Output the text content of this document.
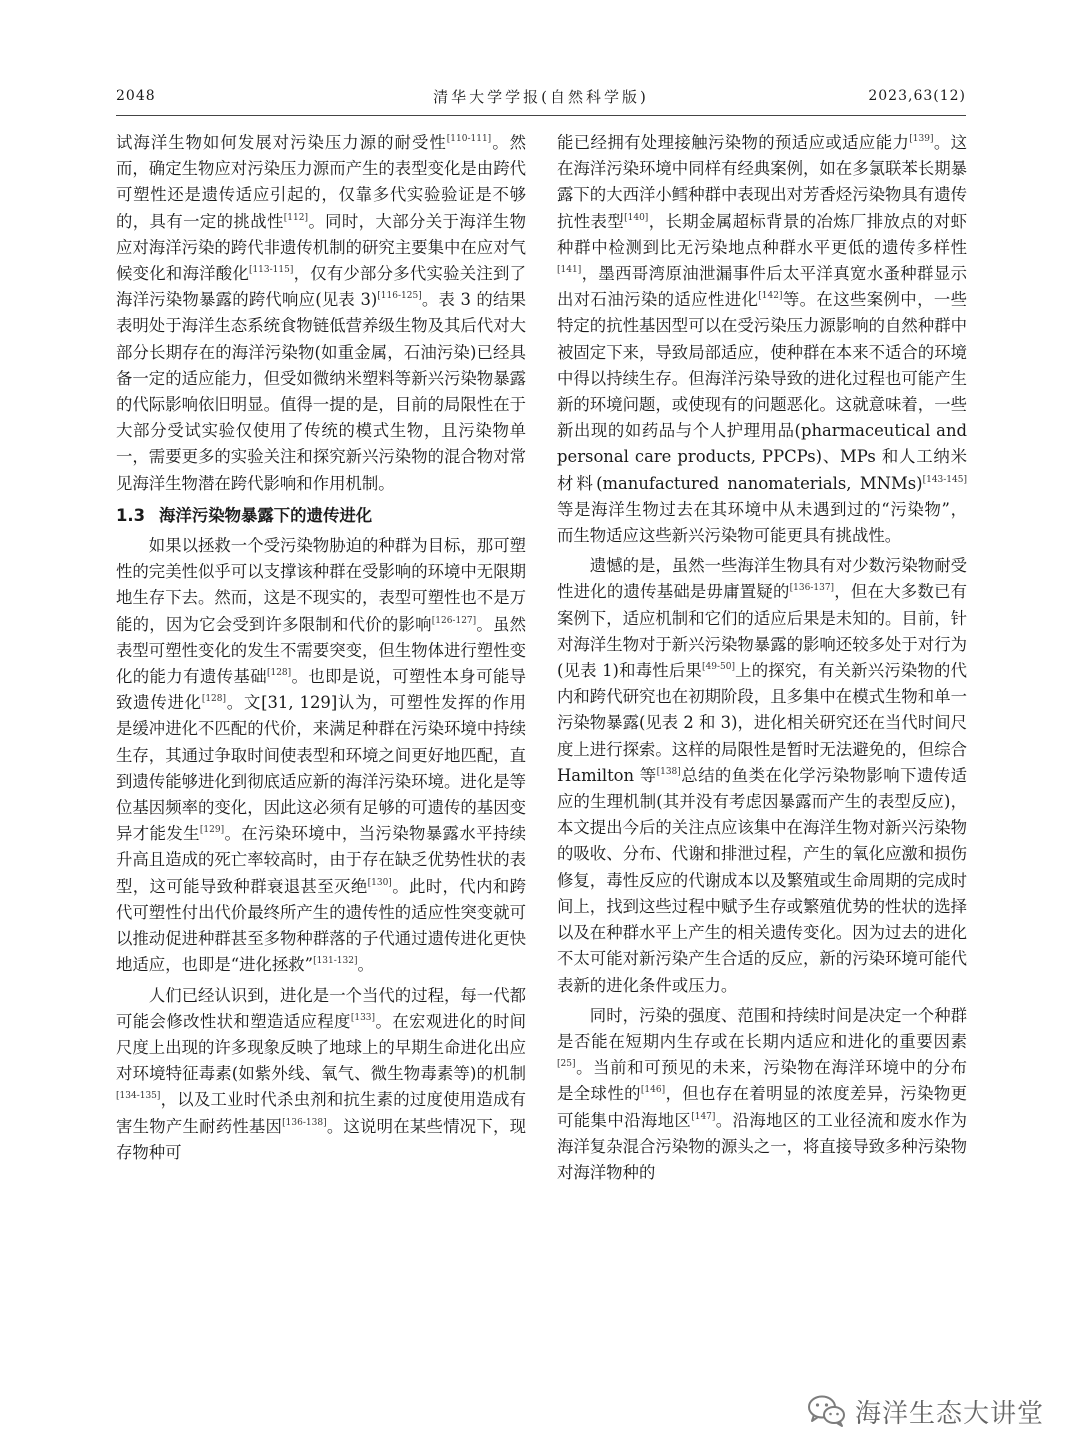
2048	清华大学学报(自然科学版)	2023,63(12)

试海洋生物如何发展对污染压力源的耐受性[110-111]。然而，确定生物应对污染压力源而产生的表型变化是由跨代可塑性还是遗传适应引起的，仅靠多代实验验证是不够的，具有一定的挑战性[112]。同时，大部分关于海洋生物应对海洋污染的跨代非遗传机制的研究主要集中在应对气候变化和海洋酸化[113-115]，仅有少部分多代实验关注到了海洋污染物暴露的跨代响应(见表 3)[116-125]。表 3 的结果表明处于海洋生态系统食物链低营养级生物及其后代对大部分长期存在的海洋污染物(如重金属，石油污染)已经具备一定的适应能力，但受如微纳米塑料等新兴污染物暴露的代际影响依旧明显。值得一提的是，目前的局限性在于大部分受试实验仅使用了传统的模式生物，且污染物单一，需要更多的实验关注和探究新兴污染物的混合物对常见海洋生物潜在跨代影响和作用机制。

1.3 海洋污染物暴露下的遗传进化

如果以拯救一个受污染物胁迫的种群为目标，那可塑性的完美性似乎可以支撑该种群在受影响的环境中无限期地生存下去。然而，这是不现实的，表型可塑性也不是万能的，因为它会受到许多限制和代价的影响[126-127]。虽然表型可塑性变化的发生不需要突变，但生物体进行塑性变化的能力有遗传基础[128]。也即是说，可塑性本身可能导致遗传进化[128]。文[31, 129]认为，可塑性发挥的作用是缓冲进化不匹配的代价，来满足种群在污染环境中持续生存，其通过争取时间使表型和环境之间更好地匹配，直到遗传能够进化到彻底适应新的海洋污染环境。进化是等位基因频率的变化，因此这必须有足够的可遗传的基因变异才能发生[129]。在污染环境中，当污染物暴露水平持续升高且造成的死亡率较高时，由于存在缺乏优势性状的表型，这可能导致种群衰退甚至灭绝[130]。此时，代内和跨代可塑性付出代价最终所产生的遗传性的适应性突变就可以推动促进种群甚至多物种群落的子代通过遗传进化更快地适应，也即是“进化拯救”[131-132]。

人们已经认识到，进化是一个当代的过程，每一代都可能会修改性状和塑造适应程度[133]。在宏观进化的时间尺度上出现的许多现象反映了地球上的早期生命进化出应对环境特征毒素(如紫外线、氧气、微生物毒素等)的机制[134-135]，以及工业时代杀虫剂和抗生素的过度使用造成有害生物产生耐药性基因[136-138]。这说明在某些情况下，现存物种可

能已经拥有处理接触污染物的预适应或适应能力[139]。这在海洋污染环境中同样有经典案例，如在多氯联苯长期暴露下的大西洋小鳕种群中表现出对芳香烃污染物具有遗传抗性表型[140]，长期金属超标背景的冶炼厂排放点的对虾种群中检测到比无污染地点种群水平更低的遗传多样性[141]，墨西哥湾原油泄漏事件后太平洋真宽水蚤种群显示出对石油污染的适应性进化[142]等。在这些案例中，一些特定的抗性基因型可以在受污染压力源影响的自然种群中被固定下来，导致局部适应，使种群在本来不适合的环境中得以持续生存。但海洋污染导致的进化过程也可能产生新的环境问题，或使现有的问题恶化。这就意味着，一些新出现的如药品与个人护理用品(pharmaceutical and personal care products, PPCPs)、MPs 和人工纳米材料(manufactured nanomaterials, MNMs)[143-145]等是海洋生物过去在其环境中从未遇到过的“污染物”，而生物适应这些新兴污染物可能更具有挑战性。

遗憾的是，虽然一些海洋生物具有对少数污染物耐受性进化的遗传基础是毋庸置疑的[136-137]，但在大多数已有案例下，适应机制和它们的适应后果是未知的。目前，针对海洋生物对于新兴污染物暴露的影响还较多处于对行为(见表 1)和毒性后果[49-50]上的探究，有关新兴污染物的代内和跨代研究也在初期阶段，且多集中在模式生物和单一污染物暴露(见表 2 和 3)，进化相关研究还在当代时间尺度上进行探索。这样的局限性是暂时无法避免的，但综合 Hamilton 等[138]总结的鱼类在化学污染物影响下遗传适应的生理机制(其并没有考虑因暴露而产生的表型反应)，本文提出今后的关注点应该集中在海洋生物对新兴污染物的吸收、分布、代谢和排泄过程，产生的氧化应激和损伤修复，毒性反应的代谢成本以及繁殖或生命周期的完成时间上，找到这些过程中赋予生存或繁殖优势的性状的选择以及在种群水平上产生的相关遗传变化。因为过去的进化不太可能对新污染产生合适的反应，新的污染环境可能代表新的进化条件或压力。

同时，污染的强度、范围和持续时间是决定一个种群是否能在短期内生存或在长期内适应和进化的重要因素[25]。当前和可预见的未来，污染物在海洋环境中的分布是全球性的[146]，但也存在着明显的浓度差异，污染物更可能集中沿海地区[147]。沿海地区的工业径流和废水作为海洋复杂混合污染物的源头之一，将直接导致多种污染物对海洋物种的

海洋生态大讲堂
